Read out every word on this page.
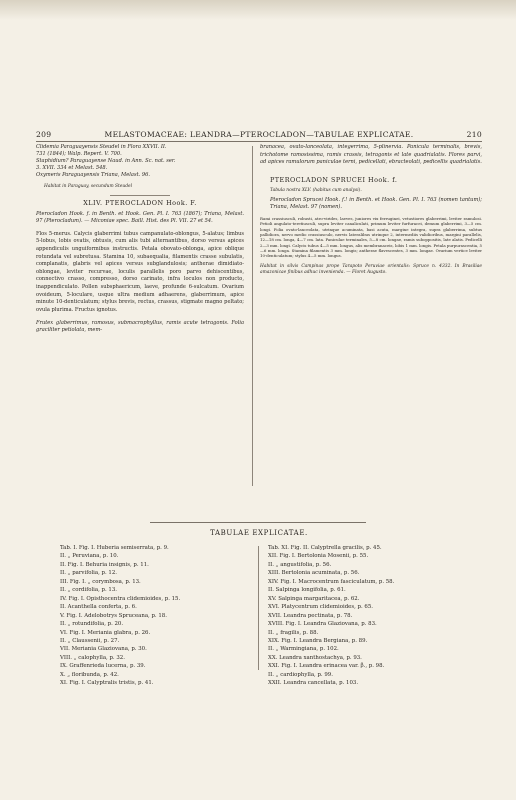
209	MELASTOMACEAE: LEANDRA—PTEROCLADON—TABULAE EXPLICATAE.	210
Clidemia Paraguayensis Steudel in Flora XXVII. II.
731 (1844); Walp. Repert. V. 700.
Staphidium? Paraguayense Naud. in Ann. Sc. nat. ser.
3. XVII. 334 et Melast. 548.
Oxymeris Paraguayensis Triana, Melast. 96.
Habitat in Paraguay, secundum Steudel

XLIV. PTEROCLADON Hook. F.

Pterocladon Hook. f. in Benth. et Hook. Gen. Pl. I. 763 (1867); Triana, Melast. 97 (Pterocladum). — Miconiae spec. Baill. Hist. des Pl. VII. 27 et 54.

Flos 5-merus. Calycis glaberrimi tubus campanulato-oblongus, 5-alatus; limbus 5-lobus, lobis ovatis, obtusis, cum alis tubi alternantibus, dorso versus apices appendiculis unguiformibus instructis. Petala obovato-oblonga, apice oblique rotundata vel subretusa. Stamina 10, subaequalia, filamentis crasse subulatis, complanatis, glabris vel apices versus subglandulosis; antherae dimidiato-oblongae, leviter recurvae, loculis parallelis poro parvo dehiscentibus, connectivo crasso, compresso, dorso carinato, infra loculos non producto, inappendiculato. Pollen subsphaericum, laeve, profunde 6-sulcatum. Ovarium ovoideum, 5-loculare, usque ultra medium adhaerens, glaberrimum, apice minute 10-denticulatum; stylus brevis, rectus, crassus, stigmate magno peltato; ovula plurima. Fructus ignotus.

Frutex glaberrimus, ramosus, submacrophyllus, ramis acute tetragonis. Folia graciliter petiolata, mem-

branacea, ovato-lanceolata, integerrima, 5-plinervia. Panicula terminalis, brevis, trichotome ramosissima, ramis crassis, tetragonis et late quadrialatis. Flores parvi, ad apices ramulorum paniculae terni, pedicellati, ebracteolati, pedicellis quadrialatis.

PTEROCLADON SPRUCEI Hook. f.

Tabula nostra XLV. (habitus cum analysi).

Pterocladon Sprucei Hook. f.! in Benth. et Hook. Gen. Pl. I. 763 (nomen tantum); Triana, Melast. 97 (nomen).

Rami crassiusculi, robusti, atro-virides, laeves, juniores vix ferruginei, vetustiores glaberrimi, leviter ramulosi. Petioli angulato-teretiusculi, supra leviter canaliculati, primum leviter furfuracei, demum glaberrimi, 3—5 cm. longi. Folia ovato-lanceolata, utrinque acuminata, basi acuta, margine integra, supra glaberrima, subtus pallidiora, nervo medio crassiusculo, nervis lateralibus utrinque 2, intermediis validioribus, margini parallelis, 12—18 cm. longa, 4—7 cm. lata. Paniculae terminales, 5—8 cm. longae, ramis suboppositis, late alatis. Pedicelli 2—3 mm. longi. Calycis tubus 4—5 mm. longus, alis membranaceis, lobis 1 mm. longis. Petala purpurascentia, 5—6 mm. longa. Stamina filamentis 3 mm. longis; antherae flavescentes, 3 mm. longae. Ovarium vertice leviter 10-denticulatum; stylus 4—5 mm. longus.

Habitat in silvis Campinas prope Tarapoto Peruviae orientalis: Spruce n. 4332. In Brasiliae amazonicae finibus adhuc invenienda. — Floret Augusto.

TABULAE EXPLICATAE.
Tab. I. Fig. I. Huberia semiserrata, p. 9.
II. „ Peruviana, p. 10.
II. Fig. I. Behuria insignis, p. 11.
II. „ parvifolia, p. 12.
III. Fig. I. „ corymbosa, p. 13.
II. „ cordifolia, p. 13.
IV. Fig. I. Opisthocentra clidemioides, p. 15.
II. Acanthella conferta, p. 6.
V. Fig. I. Adelobotrys Spruceana, p. 18.
II. „ rotundifolia, p. 20.
VI. Fig. I. Meriania glabra, p. 26.
II. „ Claussenii, p. 27.
VII. Meriania Glaziovana, p. 30.
VIII. „ calophylla, p. 32.
IX. Graffenrieda lucerna, p. 39.
X. „ floribunda, p. 42.
XI. Fig. I. Calyptralis tristis, p. 41.
Tab. XI. Fig. II. Calyptrella gracilis, p. 45.
XII. Fig. I. Bertolonia Mosenii, p. 55.
II. „ angustifolia, p. 56.
XIII. Bertolonia acuminata, p. 56.
XIV. Fig. I. Macrocentrum fasciculatum, p. 58.
II. Salpinga longifolia, p. 61.
XV. Salpinga margaritacea, p. 62.
XVI. Platycentrum clidemioides, p. 65.
XVII. Leandra pectinata, p. 78.
XVIII. Fig. I. Leandra Glaziovana, p. 83.
II. „ fragilis, p. 88.
XIX. Fig. I. Leandra Bergiana, p. 89.
II. „ Warmingiana, p. 102.
XX. Leandra xanthostachya, p. 93.
XXI. Fig. I. Leandra erinacea var. β., p. 98.
II. „ cardiophylla, p. 99.
XXII. Leandra cancellata, p. 103.
